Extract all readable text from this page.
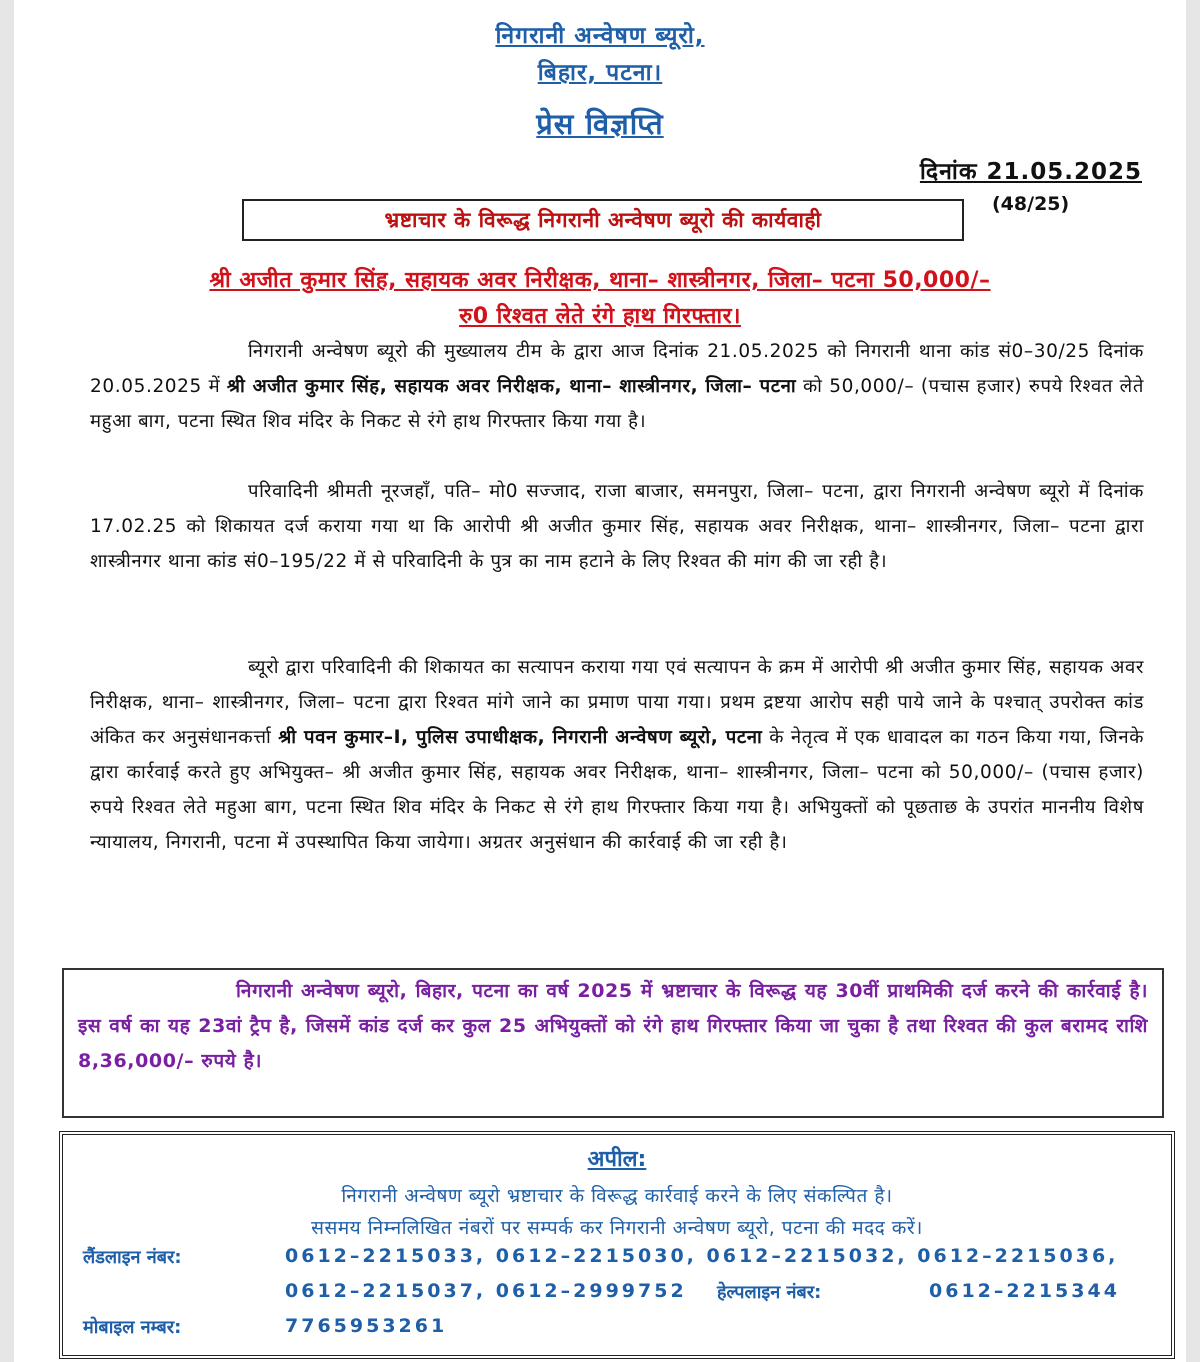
निगरानी अन्वेषण ब्यूरो,
बिहार, पटना।
प्रेस विज्ञप्ति
दिनांक 21.05.2025
(48/25)
भ्रष्टाचार के विरूद्ध निगरानी अन्वेषण ब्यूरो की कार्यवाही
श्री अजीत कुमार सिंह, सहायक अवर निरीक्षक, थाना– शास्त्रीनगर, जिला– पटना 50,000/–
रु0 रिश्वत लेते रंगे हाथ गिरफ्तार।

निगरानी अन्वेषण ब्यूरो की मुख्यालय टीम के द्वारा आज दिनांक 21.05.2025 को निगरानी थाना कांड सं0–30/25 दिनांक 20.05.2025 में श्री अजीत कुमार सिंह, सहायक अवर निरीक्षक, थाना– शास्त्रीनगर, जिला– पटना को 50,000/– (पचास हजार) रुपये रिश्वत लेते महुआ बाग, पटना स्थित शिव मंदिर के निकट से रंगे हाथ गिरफ्तार किया गया है।

परिवादिनी श्रीमती नूरजहाँ, पति– मो0 सज्जाद, राजा बाजार, समनपुरा, जिला– पटना, द्वारा निगरानी अन्वेषण ब्यूरो में दिनांक 17.02.25 को शिकायत दर्ज कराया गया था कि आरोपी श्री अजीत कुमार सिंह, सहायक अवर निरीक्षक, थाना– शास्त्रीनगर, जिला– पटना द्वारा शास्त्रीनगर थाना कांड सं0–195/22 में से परिवादिनी के पुत्र का नाम हटाने के लिए रिश्वत की मांग की जा रही है।

ब्यूरो द्वारा परिवादिनी की शिकायत का सत्यापन कराया गया एवं सत्यापन के क्रम में आरोपी श्री अजीत कुमार सिंह, सहायक अवर निरीक्षक, थाना– शास्त्रीनगर, जिला– पटना द्वारा रिश्वत मांगे जाने का प्रमाण पाया गया। प्रथम द्रष्टया आरोप सही पाये जाने के पश्चात् उपरोक्त कांड अंकित कर अनुसंधानकर्त्ता श्री पवन कुमार–I, पुलिस उपाधीक्षक, निगरानी अन्वेषण ब्यूरो, पटना के नेतृत्व में एक धावादल का गठन किया गया, जिनके द्वारा कार्रवाई करते हुए अभियुक्त– श्री अजीत कुमार सिंह, सहायक अवर निरीक्षक, थाना– शास्त्रीनगर, जिला– पटना को 50,000/– (पचास हजार) रुपये रिश्वत लेते महुआ बाग, पटना स्थित शिव मंदिर के निकट से रंगे हाथ गिरफ्तार किया गया है। अभियुक्तों को पूछताछ के उपरांत माननीय विशेष न्यायालय, निगरानी, पटना में उपस्थापित किया जायेगा। अग्रतर अनुसंधान की कार्रवाई की जा रही है।

निगरानी अन्वेषण ब्यूरो, बिहार, पटना का वर्ष 2025 में भ्रष्टाचार के विरूद्ध यह 30वीं प्राथमिकी दर्ज करने की कार्रवाई है। इस वर्ष का यह 23वां ट्रैप है, जिसमें कांड दर्ज कर कुल 25 अभियुक्तों को रंगे हाथ गिरफ्तार किया जा चुका है तथा रिश्वत की कुल बरामद राशि 8,36,000/– रुपये है।

अपील:
निगरानी अन्वेषण ब्यूरो भ्रष्टाचार के विरूद्ध कार्रवाई करने के लिए संकल्पित है।
ससमय निम्नलिखित नंबरों पर सम्पर्क कर निगरानी अन्वेषण ब्यूरो, पटना की मदद करें।
लैंडलाइन नंबर:	0612–2215033, 0612–2215030, 0612–2215032, 0612–2215036,
0612–2215037, 0612–2999752 हेल्पलाइन नंबर:	0612–2215344
मोबाइल नम्बर:	7765953261
